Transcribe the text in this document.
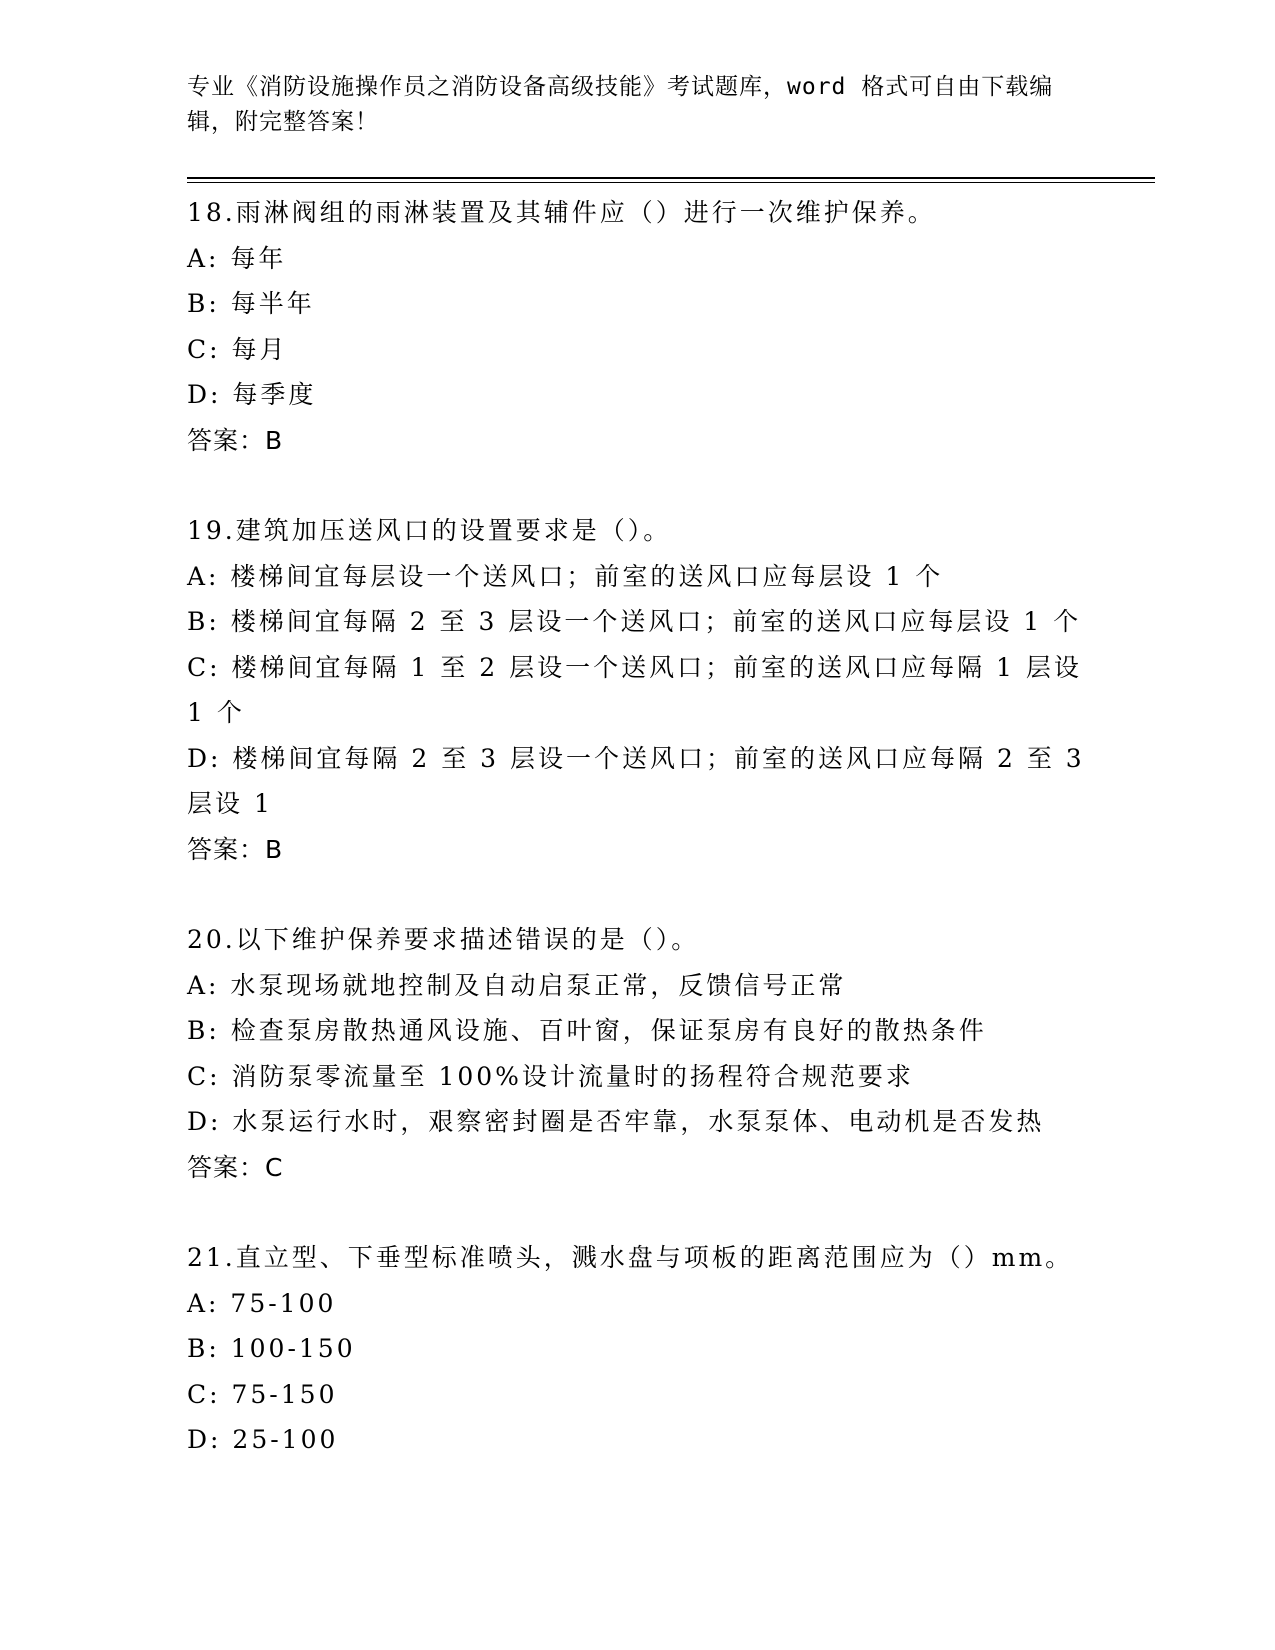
专业《消防设施操作员之消防设备高级技能》考试题库，word 格式可自由下载编辑，附完整答案！
18.雨淋阀组的雨淋装置及其辅件应（）进行一次维护保养。
A: 每年
B: 每半年
C: 每月
D: 每季度
答案：B
19.建筑加压送风口的设置要求是（）。
A: 楼梯间宜每层设一个送风口；前室的送风口应每层设 1 个
B: 楼梯间宜每隔 2 至 3 层设一个送风口；前室的送风口应每层设 1 个
C: 楼梯间宜每隔 1 至 2 层设一个送风口；前室的送风口应每隔 1 层设 1 个
D: 楼梯间宜每隔 2 至 3 层设一个送风口；前室的送风口应每隔 2 至 3 层设 1
答案：B
20.以下维护保养要求描述错误的是（）。
A: 水泵现场就地控制及自动启泵正常，反馈信号正常
B: 检查泵房散热通风设施、百叶窗，保证泵房有良好的散热条件
C: 消防泵零流量至 100%设计流量时的扬程符合规范要求
D: 水泵运行水时，艰察密封圈是否牢靠，水泵泵体、电动机是否发热
答案：C
21.直立型、下垂型标准喷头，溅水盘与项板的距离范围应为（）mm。
A: 75-100
B: 100-150
C: 75-150
D: 25-100
